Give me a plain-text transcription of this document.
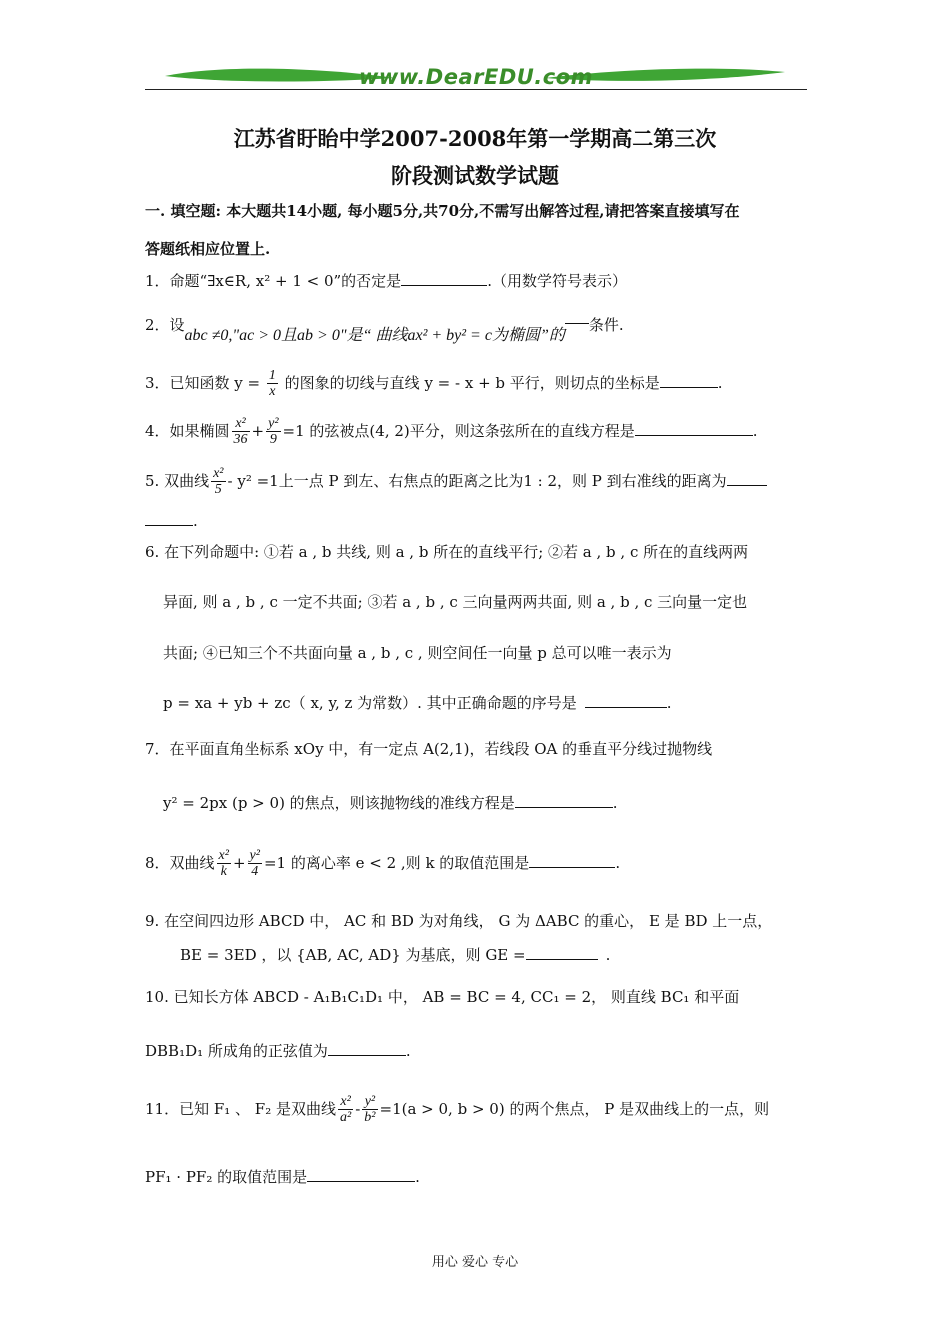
www.DearEDU.com
江苏省盱眙中学2007-2008年第一学期高二第三次
阶段测试数学试题
一. 填空题: 本大题共14小题, 每小题5分,共70分,不需写出解答过程,请把答案直接填写在
答题纸相应位置上.
1．命题“∃x∈R, x² + 1 < 0”的否定是	.（用数学符号表示）
2．设abc ≠0,"ac > 0且ab > 0"是“ 曲线ax² + by² = c为椭圆”的条件.
3．已知函数 $y = \frac{1}{x}$ 的图象的切线与直线 y = - x + b 平行，则切点的坐标是	.
4．如果椭圆 $\frac{\text{x²}}{36} + \frac{\text{y²}}{9} =1$ 的弦被点(4, 2)平分，则这条弦所在的直线方程是	.
5. 双曲线 $\frac{\text{x²}}{5} - y^2 =1$上一点 P 到左、右焦点的距离之比为1 : 2，则 P 到右准线的距离为
.
6. 在下列命题中: ①若 a , b 共线, 则 a , b 所在的直线平行; ②若 a , b , c 所在的直线两两
异面, 则 a , b , c 一定不共面; ③若 a , b , c 三向量两两共面, 则 a , b , c 三向量一定也
共面; ④已知三个不共面向量 a , b , c , 则空间任一向量 p 总可以唯一表示为
p = xa + yb + zc（ x, y, z 为常数）. 其中正确命题的序号是	.
7．在平面直角坐标系 xOy 中，有一定点 A(2,1)，若线段 OA 的垂直平分线过抛物线
y² = 2px (p > 0) 的焦点，则该抛物线的准线方程是	.
8．双曲线 $\frac{\text{x²}}{k} + \frac{\text{y²}}{4} =1$ 的离心率 e < 2 ,则 k 的取值范围是	.
9. 在空间四边形 ABCD 中， AC 和 BD 为对角线， G 为 ΔABC 的重心， E 是 BD 上一点，
BE = 3ED ，以 {AB, AC, AD} 为基底，则 GE =	.
10. 已知长方体 ABCD - A₁B₁C₁D₁ 中， AB = BC = 4, CC₁ = 2， 则直线 BC₁ 和平面
DBB₁D₁ 所成角的正弦值为	.
11．已知 F₁ 、 F₂ 是双曲线 $\frac{\text{x²}}{\text{a²}} - \frac{\text{y²}}{\text{b²}} =1(a > 0$, b > 0) 的两个焦点， P 是双曲线上的一点，则
PF₁ · PF₂ 的取值范围是	.
用心 爱心 专心
